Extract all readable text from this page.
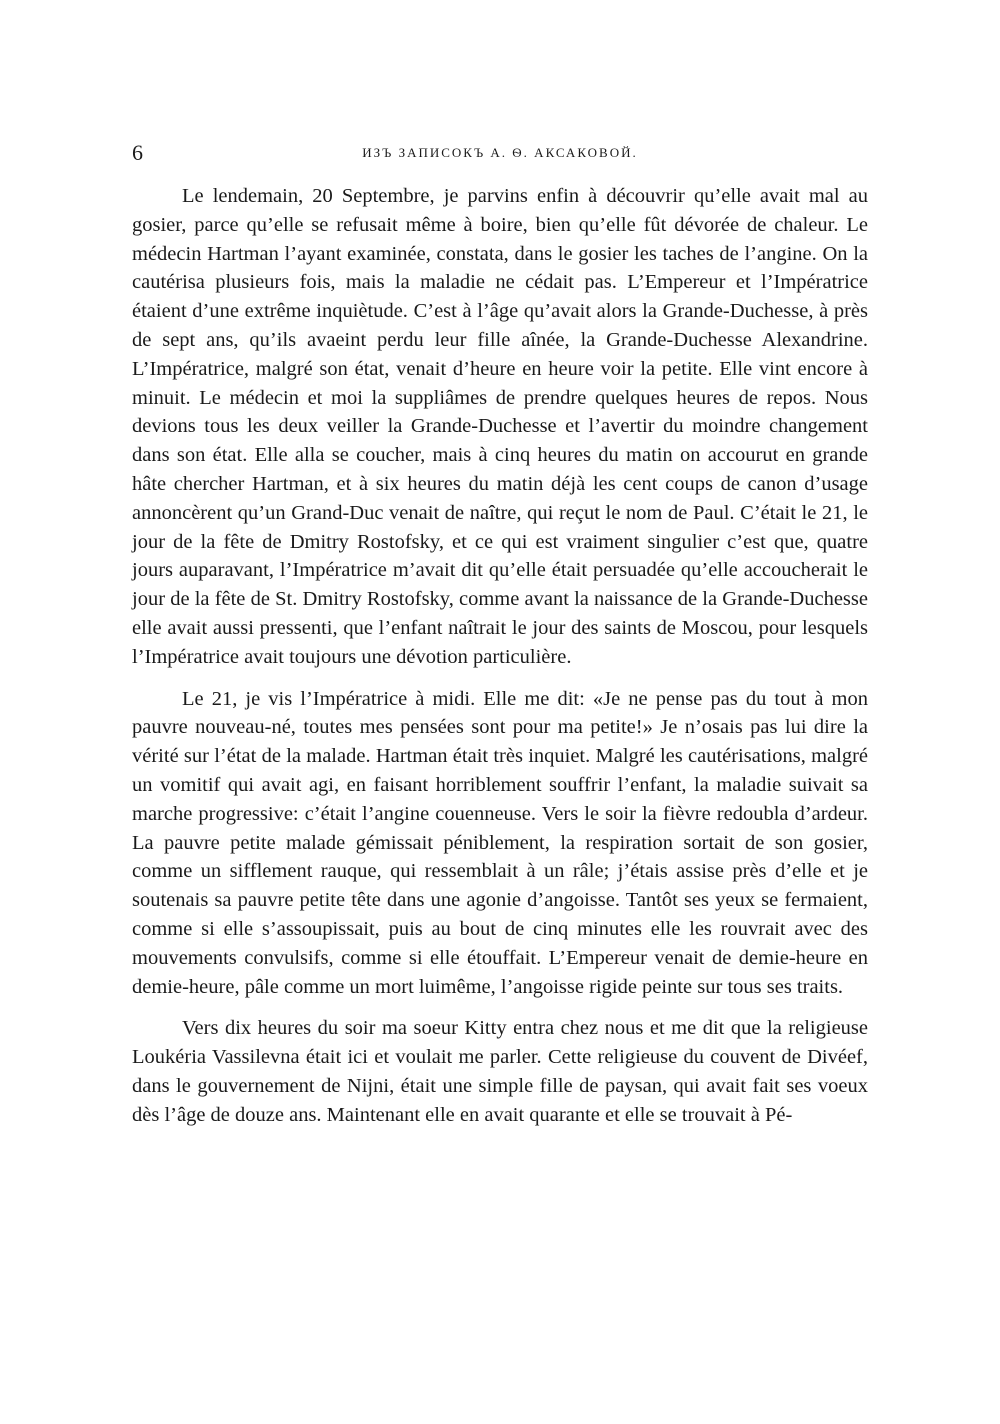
6	ИЗЪ ЗАПИСОКЪ А. Ѳ. АКСАКОВОЙ.

Le lendemain, 20 Septembre, je parvins enfin à découvrir qu’elle avait mal au gosier, parce qu’elle se refusait même à boire, bien qu’elle fût dévorée de chaleur. Le médecin Hartman l’ayant examinée, constata, dans le gosier les taches de l’angine. On la cautérisa plusieurs fois, mais la maladie ne cédait pas. L’Empereur et l’Impératrice étaient d’une extrême inquiètude. C’est à l’âge qu’avait alors la Grande-Duchesse, à près de sept ans, qu’ils avaeint perdu leur fille aînée, la Grande-Duchesse Alexandrine. L’Impératrice, malgré son état, venait d’heure en heure voir la petite. Elle vint encore à minuit. Le médecin et moi la suppliâmes de prendre quelques heures de repos. Nous devions tous les deux veiller la Grande-Duchesse et l’avertir du moindre changement dans son état. Elle alla se coucher, mais à cinq heures du matin on accourut en grande hâte chercher Hartman, et à six heures du matin déjà les cent coups de canon d’usage annoncèrent qu’un Grand-Duc venait de naître, qui reçut le nom de Paul. C’était le 21, le jour de la fête de Dmitry Rostofsky, et ce qui est vraiment singulier c’est que, quatre jours auparavant, l’Impératrice m’avait dit qu’elle était persuadée qu’elle accoucherait le jour de la fête de St. Dmitry Rostofsky, comme avant la naissance de la Grande-Duchesse elle avait aussi pressenti, que l’enfant naîtrait le jour des saints de Moscou, pour lesquels l’Impératrice avait toujours une dévotion particulière.

Le 21, je vis l’Impératrice à midi. Elle me dit: «Je ne pense pas du tout à mon pauvre nouveau-né, toutes mes pensées sont pour ma petite!» Je n’osais pas lui dire la vérité sur l’état de la malade. Hartman était très inquiet. Malgré les cautérisations, malgré un vomitif qui avait agi, en faisant horriblement souffrir l’enfant, la maladie suivait sa marche progressive: c’était l’angine couenneuse. Vers le soir la fièvre redoubla d’ardeur. La pauvre petite malade gémissait péniblement, la respiration sortait de son gosier, comme un sifflement rauque, qui ressemblait à un râle; j’étais assise près d’elle et je soutenais sa pauvre petite tête dans une agonie d’angoisse. Tantôt ses yeux se fermaient, comme si elle s’assoupissait, puis au bout de cinq minutes elle les rouvrait avec des mouvements convulsifs, comme si elle étouffait. L’Empereur venait de demie-heure en demie-heure, pâle comme un mort luimême, l’angoisse rigide peinte sur tous ses traits.

Vers dix heures du soir ma soeur Kitty entra chez nous et me dit que la religieuse Loukéria Vassilevna était ici et voulait me parler. Cette religieuse du couvent de Divéef, dans le gouvernement de Nijni, était une simple fille de paysan, qui avait fait ses voeux dès l’âge de douze ans. Maintenant elle en avait quarante et elle se trouvait à Pé-
